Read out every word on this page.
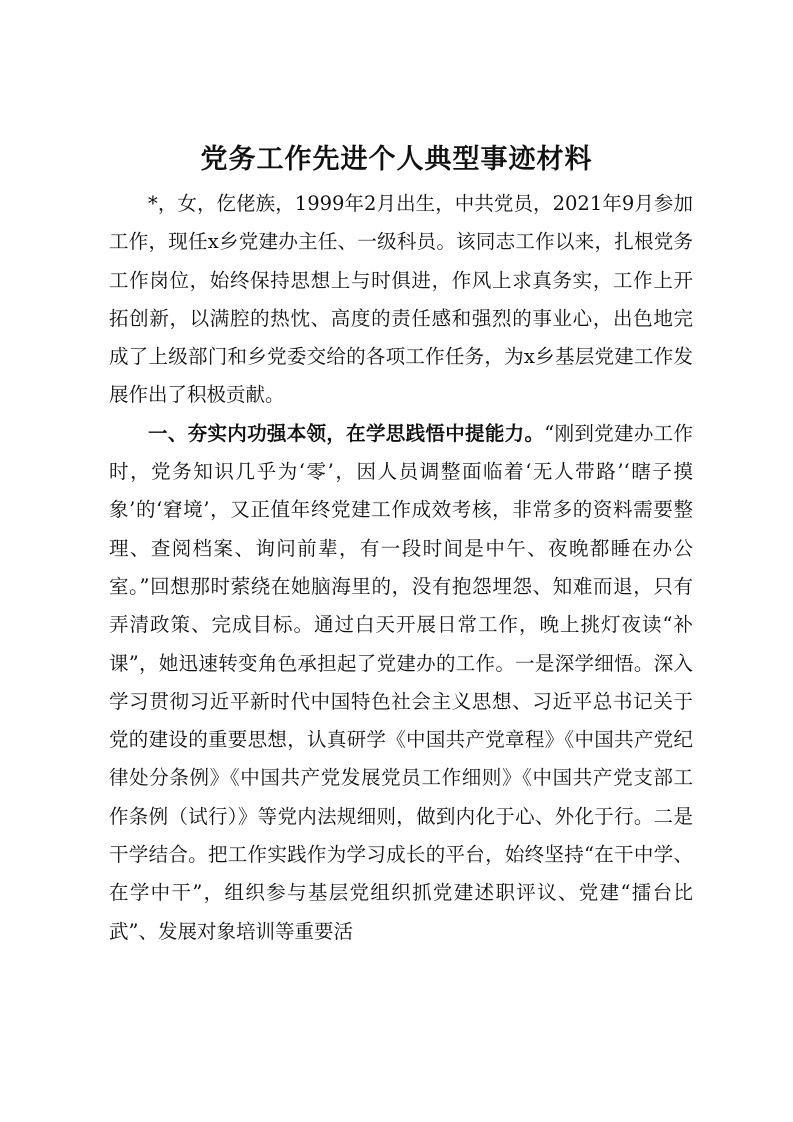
党务工作先进个人典型事迹材料

*，女，仡佬族，1999年2月出生，中共党员，2021年9月参加工作，现任x乡党建办主任、一级科员。该同志工作以来，扎根党务工作岗位，始终保持思想上与时俱进，作风上求真务实，工作上开拓创新，以满腔的热忱、高度的责任感和强烈的事业心，出色地完成了上级部门和乡党委交给的各项工作任务，为x乡基层党建工作发展作出了积极贡献。

一、夯实内功强本领，在学思践悟中提能力。“刚到党建办工作时，党务知识几乎为‘零’，因人员调整面临着‘无人带路’‘瞎子摸象’的‘窘境’，又正值年终党建工作成效考核，非常多的资料需要整理、查阅档案、询问前辈，有一段时间是中午、夜晚都睡在办公室。”回想那时萦绕在她脑海里的，没有抱怨埋怨、知难而退，只有弄清政策、完成目标。通过白天开展日常工作，晚上挑灯夜读“补课”，她迅速转变角色承担起了党建办的工作。一是深学细悟。深入学习贯彻习近平新时代中国特色社会主义思想、习近平总书记关于党的建设的重要思想，认真研学《中国共产党章程》《中国共产党纪律处分条例》《中国共产党发展党员工作细则》《中国共产党支部工作条例（试行）》等党内法规细则，做到内化于心、外化于行。二是干学结合。把工作实践作为学习成长的平台，始终坚持“在干中学、在学中干”，组织参与基层党组织抓党建述职评议、党建“擂台比武”、发展对象培训等重要活
